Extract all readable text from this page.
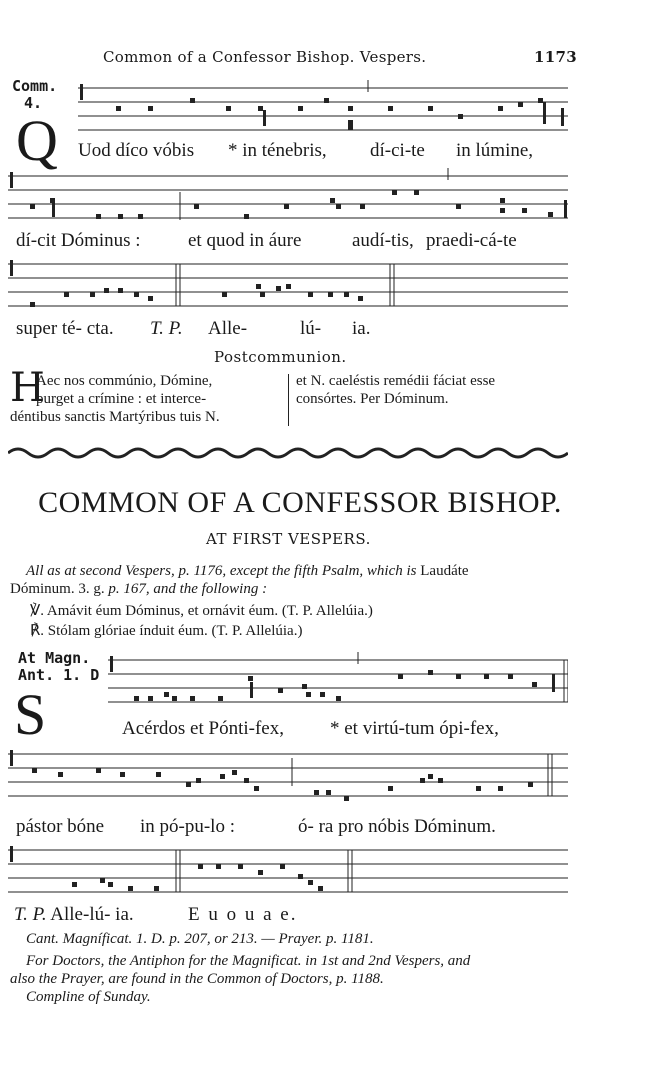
Common of a Confessor Bishop. Vespers.	1173
Comm.
4.
Q Uod díco vóbis * in ténebris, dí-ci-te in lúmine,
dí-cit Dóminus : et quod in áure	audí-tis, praedi-cá-te
super té- cta. T. P. Alle-	lú- ia.
Postcommunion.
H
Aec nos commúnio, Dómine,
purget a crímine : et interce-
déntibus sanctis Martýribus tuis N.
et N. caeléstis remédii fáciat esse
consórtes. Per Dóminum.
COMMON OF A CONFESSOR BISHOP.
AT FIRST VESPERS.
All as at second Vespers, p. 1176, except the fifth Psalm, which is Laudáte
Dóminum. 3. g. p. 167, and the following :
℣. Amávit éum Dóminus, et ornávit éum. (T. P. Allelúia.)
℟. Stólam glóriae índuit éum. (T. P. Allelúia.)
At Magn.
Ant. 1. D
S	Acérdos et Pónti-fex, * et virtú-tum ópi-fex,
pástor bóne in pó-pu-lo :	ó- ra pro nóbis Dóminum.
T. P. Alle-lú- ia.	E u o u a e.
Cant. Magníficat. 1. D. p. 207, or 213. — Prayer. p. 1181.
For Doctors, the Antiphon for the Magnificat. in 1st and 2nd Vespers, and
also the Prayer, are found in the Common of Doctors, p. 1188.
Compline of Sunday.
